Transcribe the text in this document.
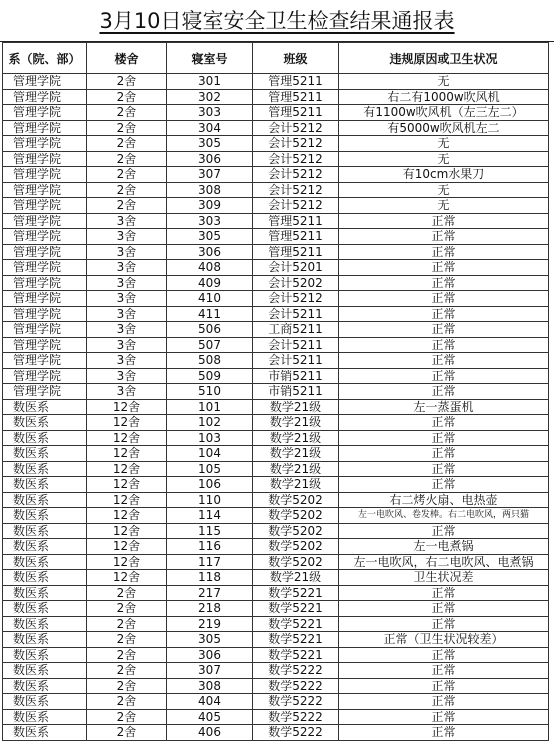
3月10日寝室安全卫生检查结果通报表
系（院、部）	楼舍	寝室号	班级	违规原因或卫生状况
管理学院	2舍	301	管理5211	无
管理学院	2舍	302	管理5211	右二有1000w吹风机
管理学院	2舍	303	管理5211	有1100w吹风机（左三左二）
管理学院	2舍	304	会计5212	有5000w吹风机左二
管理学院	2舍	305	会计5212	无
管理学院	2舍	306	会计5212	无
管理学院	2舍	307	会计5212	有10cm水果刀
管理学院	2舍	308	会计5212	无
管理学院	2舍	309	会计5212	无
管理学院	3舍	303	管理5211	正常
管理学院	3舍	305	管理5211	正常
管理学院	3舍	306	管理5211	正常
管理学院	3舍	408	会计5201	正常
管理学院	3舍	409	会计5202	正常
管理学院	3舍	410	会计5212	正常
管理学院	3舍	411	会计5211	正常
管理学院	3舍	506	工商5211	正常
管理学院	3舍	507	会计5211	正常
管理学院	3舍	508	会计5211	正常
管理学院	3舍	509	市销5211	正常
管理学院	3舍	510	市销5211	正常
数医系	12舍	101	数学21级	左一蒸蛋机
数医系	12舍	102	数学21级	正常
数医系	12舍	103	数学21级	正常
数医系	12舍	104	数学21级	正常
数医系	12舍	105	数学21级	正常
数医系	12舍	106	数学21级	正常
数医系	12舍	110	数学5202	右二烤火扇、电热壶
数医系	12舍	114	数学5202	左一电吹风、卷发棒。右二电吹风，两只猫
数医系	12舍	115	数学5202	正常
数医系	12舍	116	数学5202	左一电煮锅
数医系	12舍	117	数学5202	左一电吹风，右二电吹风、电煮锅
数医系	12舍	118	数学21级	卫生状况差
数医系	2舍	217	数学5221	正常
数医系	2舍	218	数学5221	正常
数医系	2舍	219	数学5221	正常
数医系	2舍	305	数学5221	正常（卫生状况较差）
数医系	2舍	306	数学5221	正常
数医系	2舍	307	数学5222	正常
数医系	2舍	308	数学5222	正常
数医系	2舍	404	数学5222	正常
数医系	2舍	405	数学5222	正常
数医系	2舍	406	数学5222	正常
